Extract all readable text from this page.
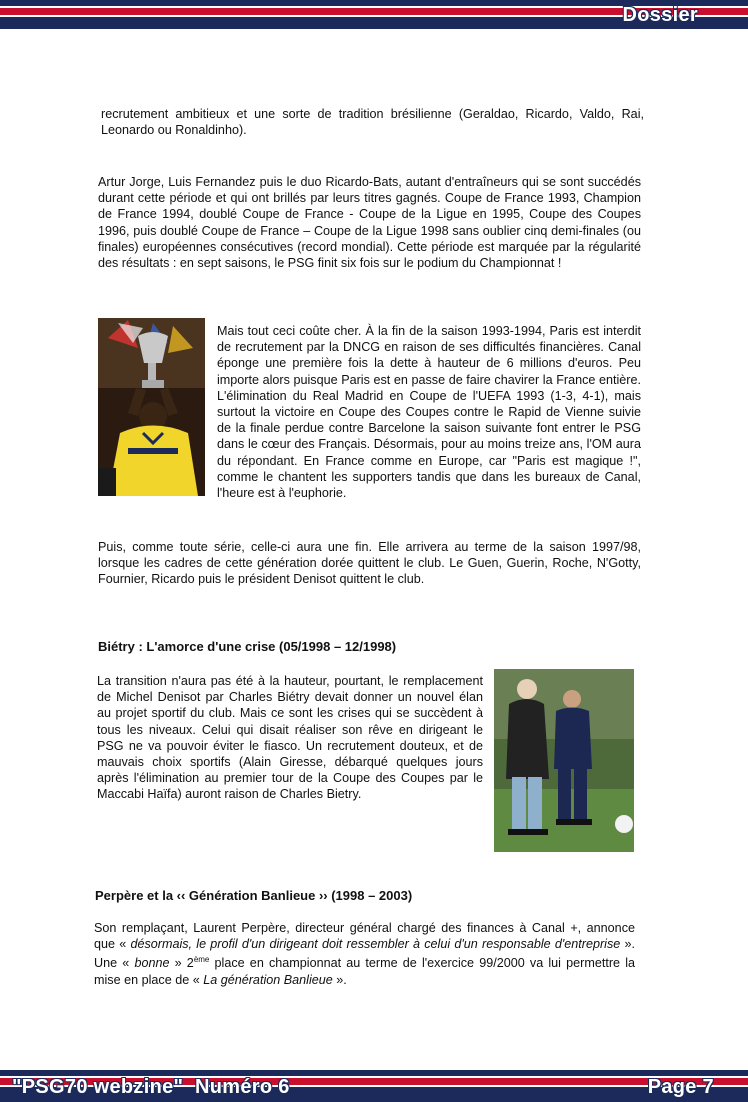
Dossier

recrutement ambitieux et une sorte de tradition brésilienne (Geraldao, Ricardo, Valdo, Rai, Leonardo ou Ronaldinho).

Artur Jorge, Luis Fernandez puis le duo Ricardo-Bats, autant d'entraîneurs qui se sont succédés durant cette période et qui ont brillés par leurs titres gagnés. Coupe de France 1993, Champion de France 1994, doublé Coupe de France - Coupe de la Ligue en 1995, Coupe des Coupes 1996, puis doublé Coupe de France – Coupe de la Ligue 1998 sans oublier cinq demi-finales (ou finales) européennes consécutives (record mondial). Cette période est marquée par la régularité des résultats : en sept saisons, le PSG finit six fois sur le podium du Championnat !

Mais tout ceci coûte cher. À la fin de la saison 1993-1994, Paris est interdit de recrutement par la DNCG en raison de ses difficultés financières. Canal éponge une première fois la dette à hauteur de 6 millions d'euros. Peu importe alors puisque Paris est en passe de faire chavirer la France entière. L'élimination du Real Madrid en Coupe de l'UEFA 1993 (1-3, 4-1), mais surtout la victoire en Coupe des Coupes contre le Rapid de Vienne suivie de la finale perdue contre Barcelone la saison suivante font entrer le PSG dans le cœur des Français. Désormais, pour au moins treize ans, l'OM aura du répondant. En France comme en Europe, car "Paris est magique !", comme le chantent les supporters tandis que dans les bureaux de Canal, l'heure est à l'euphorie.

Puis, comme toute série, celle-ci aura une fin. Elle arrivera au terme de la saison 1997/98, lorsque les cadres de cette génération dorée quittent le club. Le Guen, Guerin, Roche, N'Gotty, Fournier, Ricardo puis le président Denisot quittent le club.

Biétry : L'amorce d'une crise (05/1998 – 12/1998)

La transition n'aura pas été à la hauteur, pourtant, le remplacement de Michel Denisot par Charles Biétry devait donner un nouvel élan au projet sportif du club. Mais ce sont les crises qui se succèdent à tous les niveaux. Celui qui disait réaliser son rêve en dirigeant le PSG ne va pouvoir éviter le fiasco. Un recrutement douteux, et de mauvais choix sportifs (Alain Giresse, débarqué quelques jours après l'élimination au premier tour de la Coupe des Coupes par le Maccabi Haïfa) auront raison de Charles Bietry.

Perpère et la ‹‹ Génération Banlieue ›› (1998 – 2003)

Son remplaçant, Laurent Perpère, directeur général chargé des finances à Canal +, annonce que « désormais, le profil d'un dirigeant doit ressembler à celui d'un responsable d'entreprise ». Une « bonne » 2ème place en championnat au terme de l'exercice 99/2000 va lui permettre la mise en place de « La génération Banlieue ».

"PSG70 webzine"  Numéro 6	Page 7
